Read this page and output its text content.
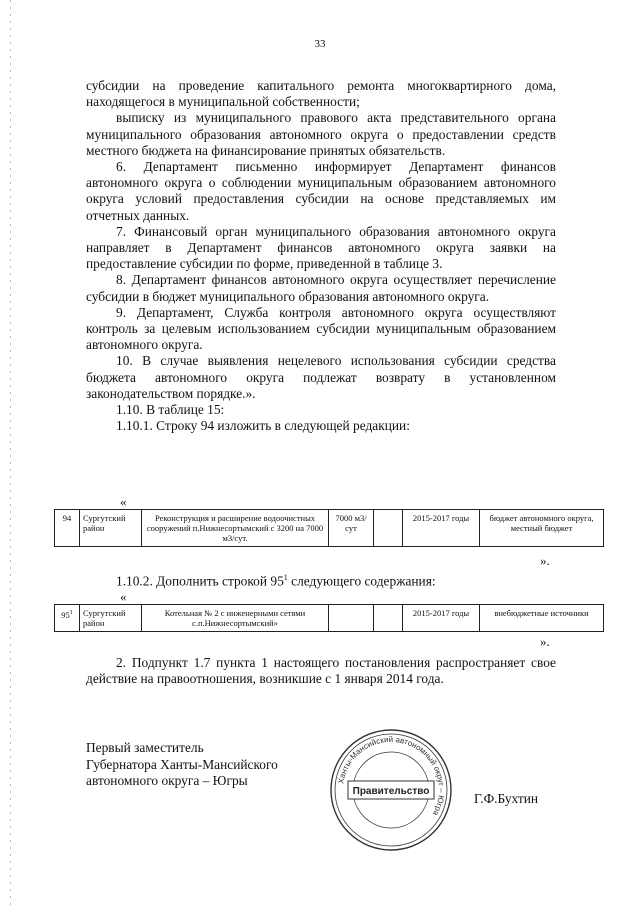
33

субсидии на проведение капитального ремонта многоквартирного дома, находящегося в муниципальной собственности;

выписку из муниципального правового акта представительного органа муниципального образования автономного округа о предоставлении средств местного бюджета на финансирование принятых обязательств.

6. Департамент письменно информирует Департамент финансов автономного округа о соблюдении муниципальным образованием автономного округа условий предоставления субсидии на основе представляемых им отчетных данных.

7. Финансовый орган муниципального образования автономного округа направляет в Департамент финансов автономного округа заявки на предоставление субсидии по форме, приведенной в таблице 3.

8. Департамент финансов автономного округа осуществляет перечисление субсидии в бюджет муниципального образования автономного округа.

9. Департамент, Служба контроля автономного округа осуществляют контроль за целевым использованием субсидии муниципальным образованием автономного округа.

10. В случае выявления нецелевого использования субсидии средства бюджета автономного округа подлежат возврату в установленном законодательством порядке.».

1.10. В таблице 15:

1.10.1. Строку 94 изложить в следующей редакции:

«
94	Сургутский район	Реконструкция и расширение водоочистных сооружений п.Нижнесортымский с 3200 на 7000 м3/сут.	7000 м3/сут		2015-2017 годы	бюджет автономного округа, местный бюджет
».

1.10.2. Дополнить строкой $95^1$ следующего содержания:

«
$95^1$	Сургутский район	Котельная № 2 с инженерными сетями с.п.Нижнесортымский»			2015-2017 годы	внебюджетные источники
».

2. Подпункт 1.7 пункта 1 настоящего постановления распространяет свое действие на правоотношения, возникшие с 1 января 2014 года.

Первый заместитель
Губернатора Ханты-Мансийского
автономного округа – Югры	Ханты-Мансийский автономный округ – Югра
Правительство	Г.Ф.Бухтин
